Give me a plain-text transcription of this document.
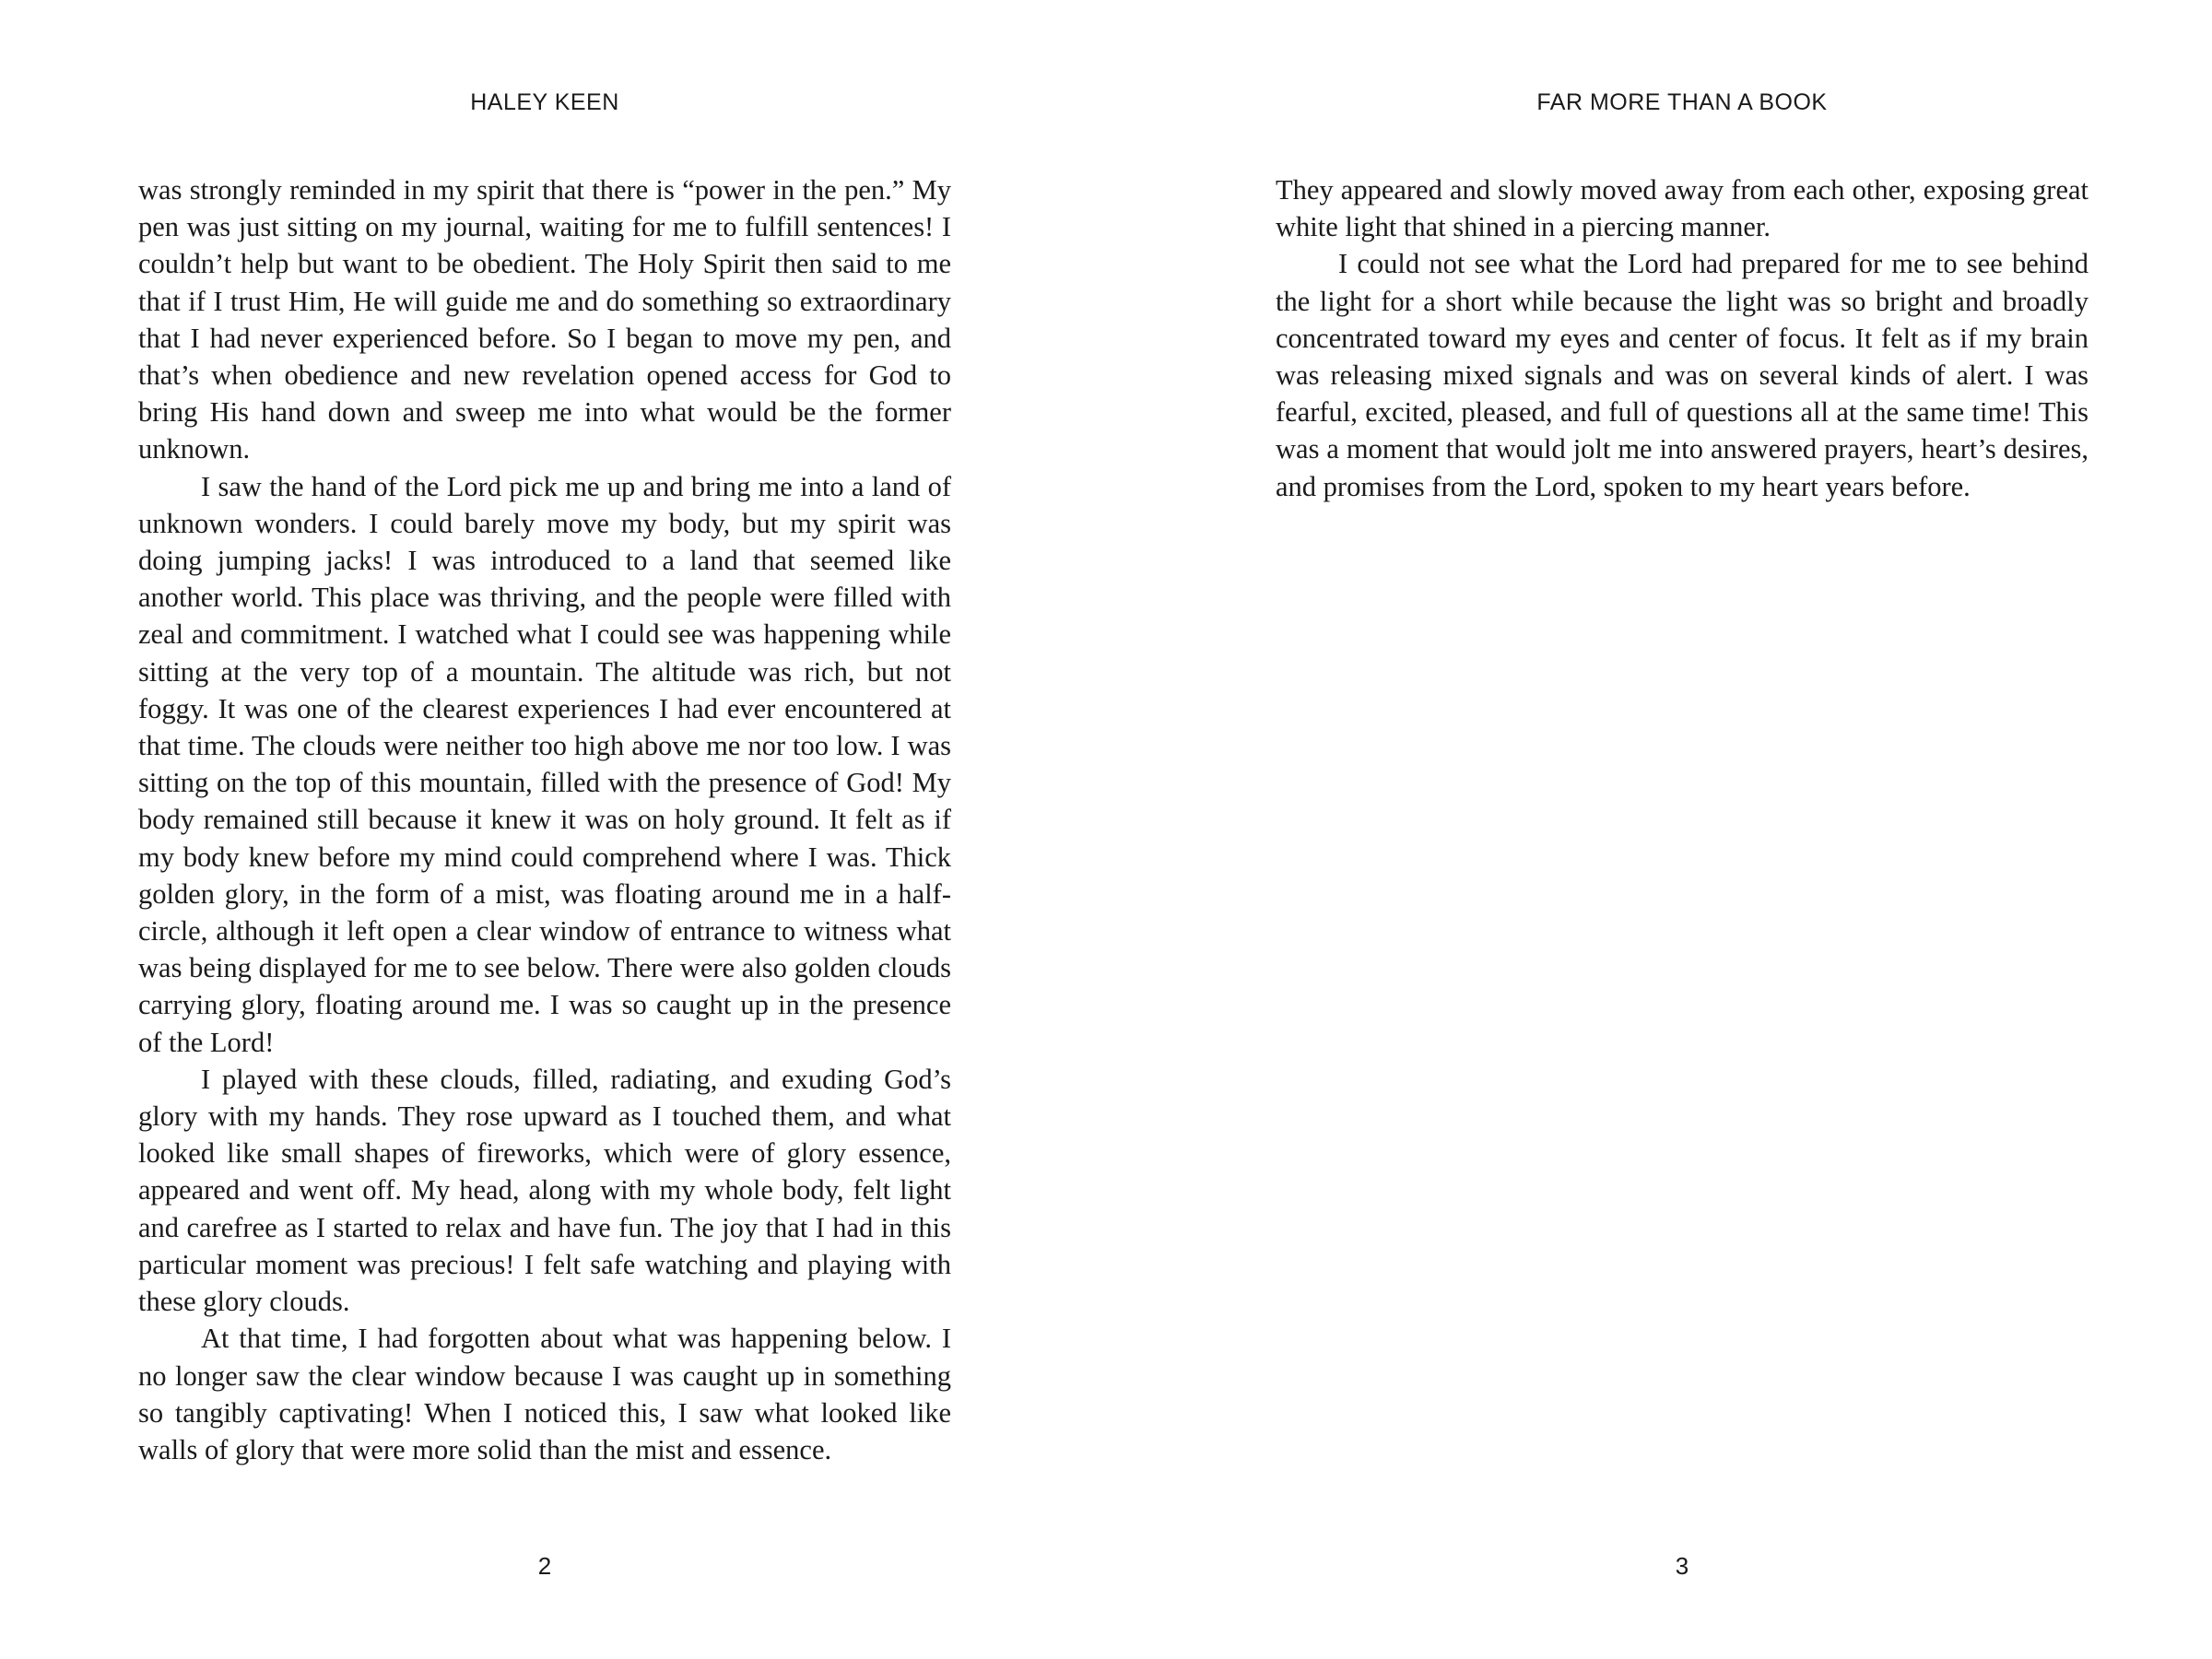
HALEY KEEN

was strongly reminded in my spirit that there is “power in the pen.” My pen was just sitting on my journal, waiting for me to fulfill sentences! I couldn’t help but want to be obedient. The Holy Spirit then said to me that if I trust Him, He will guide me and do something so extraordinary that I had never experienced before. So I began to move my pen, and that’s when obedience and new revelation opened access for God to bring His hand down and sweep me into what would be the former unknown.

I saw the hand of the Lord pick me up and bring me into a land of unknown wonders. I could barely move my body, but my spirit was doing jumping jacks! I was introduced to a land that seemed like another world. This place was thriving, and the people were filled with zeal and commitment. I watched what I could see was happening while sitting at the very top of a mountain. The altitude was rich, but not foggy. It was one of the clearest experiences I had ever encountered at that time. The clouds were neither too high above me nor too low. I was sitting on the top of this mountain, filled with the presence of God! My body remained still because it knew it was on holy ground. It felt as if my body knew before my mind could comprehend where I was. Thick golden glory, in the form of a mist, was floating around me in a half-circle, although it left open a clear window of entrance to witness what was being displayed for me to see below. There were also golden clouds carrying glory, floating around me. I was so caught up in the presence of the Lord!

I played with these clouds, filled, radiating, and exuding God’s glory with my hands. They rose upward as I touched them, and what looked like small shapes of fireworks, which were of glory essence, appeared and went off. My head, along with my whole body, felt light and carefree as I started to relax and have fun. The joy that I had in this particular moment was precious! I felt safe watching and playing with these glory clouds.

At that time, I had forgotten about what was happening below. I no longer saw the clear window because I was caught up in something so tangibly captivating! When I noticed this, I saw what looked like walls of glory that were more solid than the mist and essence.

2
FAR MORE THAN A BOOK

They appeared and slowly moved away from each other, exposing great white light that shined in a piercing manner.

I could not see what the Lord had prepared for me to see behind the light for a short while because the light was so bright and broadly concentrated toward my eyes and center of focus. It felt as if my brain was releasing mixed signals and was on several kinds of alert. I was fearful, excited, pleased, and full of questions all at the same time! This was a moment that would jolt me into answered prayers, heart’s desires, and promises from the Lord, spoken to my heart years before.

3
